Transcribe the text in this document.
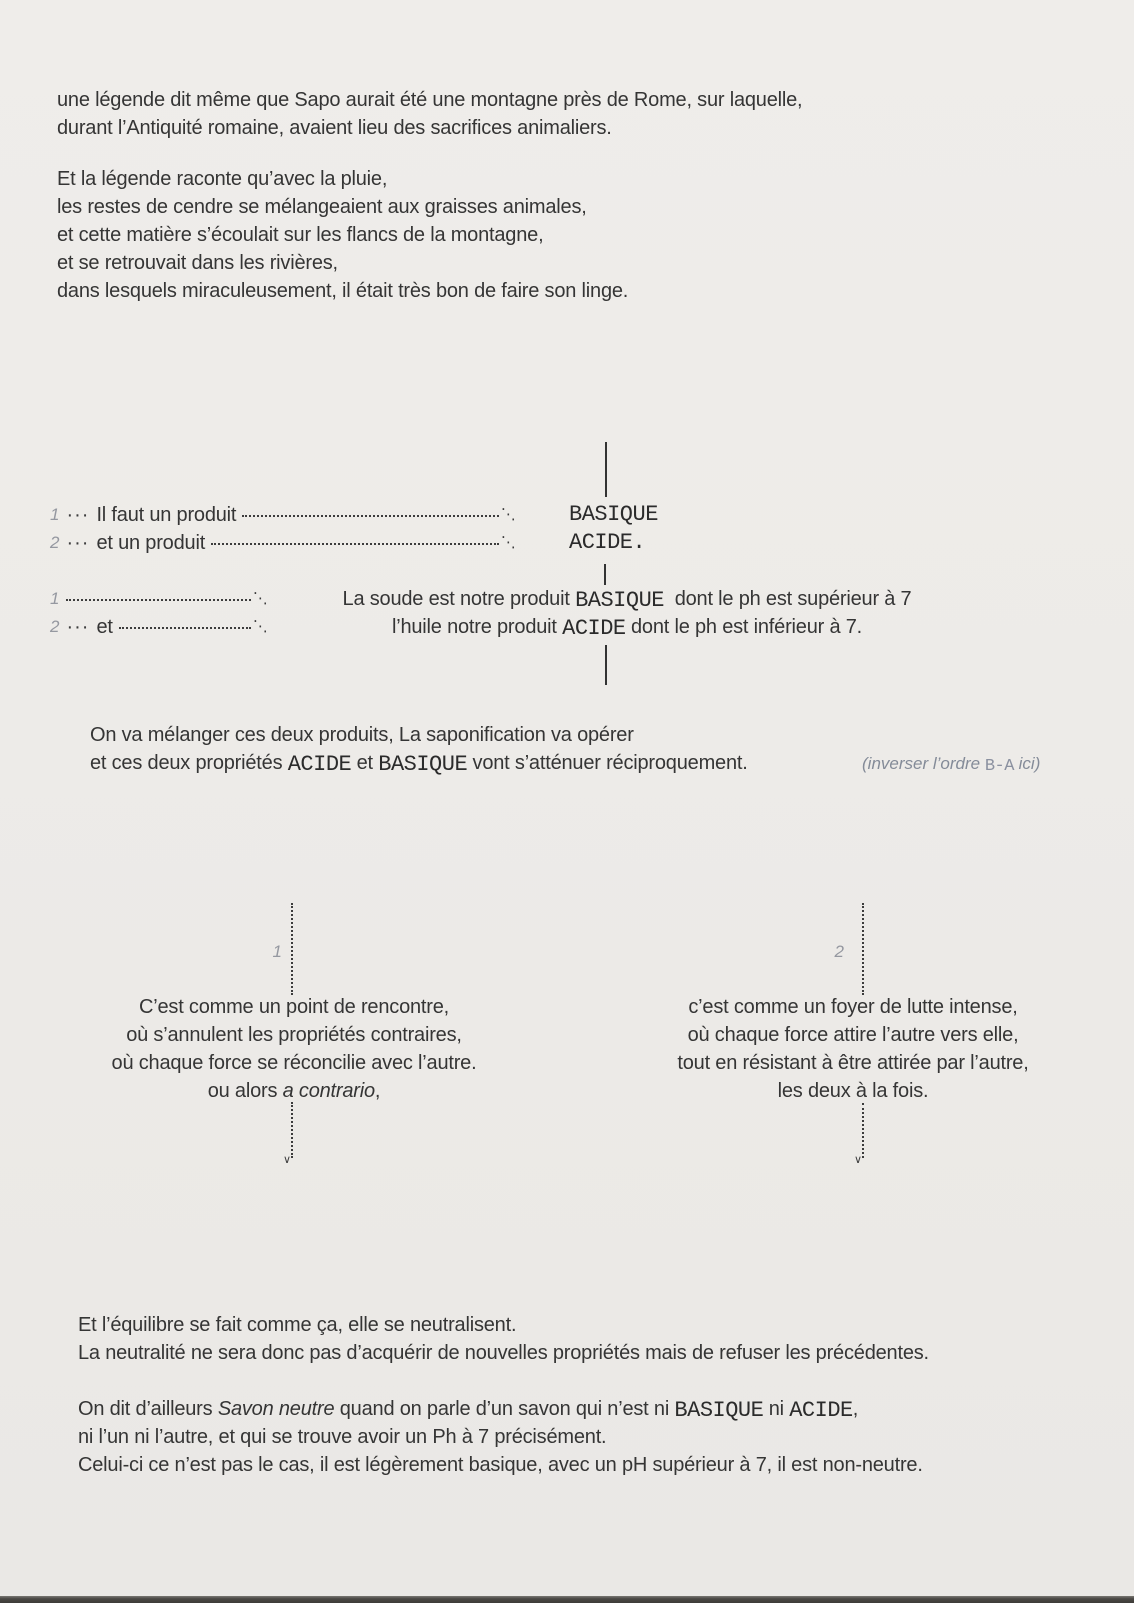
une légende dit même que Sapo aurait été une montagne près de Rome, sur laquelle,
durant l’Antiquité romaine, avaient lieu des sacrifices animaliers.
Et la légende raconte qu’avec la pluie,
les restes de cendre se mélangeaient aux graisses animales,
et cette matière s’écoulait sur les flancs de la montagne,
et se retrouvait dans les rivières,
dans lesquels miraculeusement, il était très bon de faire son linge.
1 ··· Il faut un produit	⋱ BASIQUE
2 ··· et un produit	⋱ ACIDE.
1	⋱
2 ··· et	⋱
La soude est notre produit BASIQUE  dont le ph est supérieur à 7
l’huile notre produit ACIDE dont le ph est inférieur à 7.
On va mélanger ces deux produits, La saponification va opérer
et ces deux propriétés ACIDE et BASIQUE vont s’atténuer réciproquement.	(inverser l’ordre B-A ici)
1
C’est comme un point de rencontre,
où s’annulent les propriétés contraires,
où chaque force se réconcilie avec l’autre.
ou alors a contrario,
∨
2
c’est comme un foyer de lutte intense,
où chaque force attire l’autre vers elle,
tout en résistant à être attirée par l’autre,
les deux à la fois.
∨
Et l’équilibre se fait comme ça, elle se neutralisent.
La neutralité ne sera donc pas d’acquérir de nouvelles propriétés mais de refuser les précédentes.
On dit d’ailleurs Savon neutre quand on parle d’un savon qui n’est ni BASIQUE ni ACIDE,
ni l’un ni l’autre, et qui se trouve avoir un Ph à 7 précisément.
Celui-ci ce n’est pas le cas, il est légèrement basique, avec un pH supérieur à 7, il est non-neutre.
